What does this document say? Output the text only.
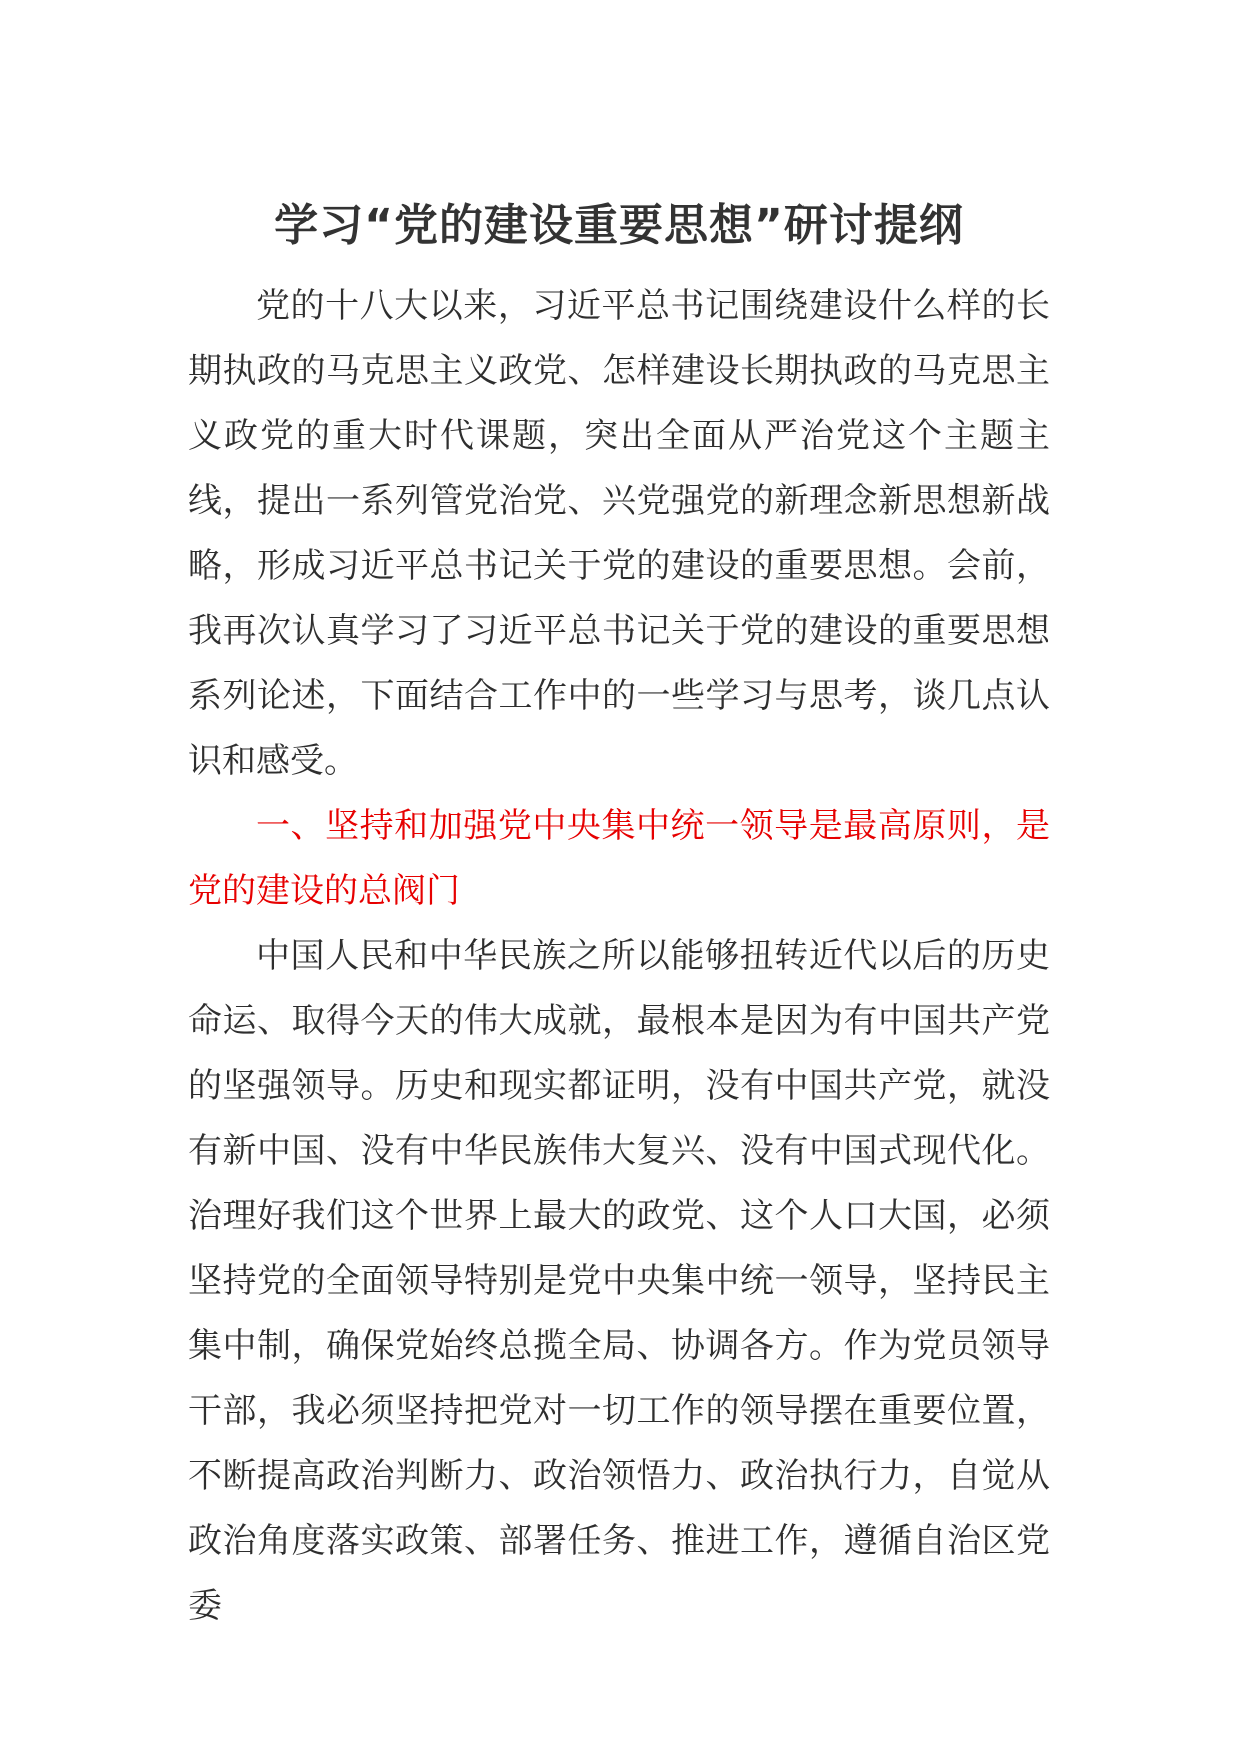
学习“党的建设重要思想”研讨提纲

党的十八大以来，习近平总书记围绕建设什么样的长期执政的马克思主义政党、怎样建设长期执政的马克思主义政党的重大时代课题，突出全面从严治党这个主题主线，提出一系列管党治党、兴党强党的新理念新思想新战略，形成习近平总书记关于党的建设的重要思想。会前，我再次认真学习了习近平总书记关于党的建设的重要思想系列论述，下面结合工作中的一些学习与思考，谈几点认识和感受。

一、坚持和加强党中央集中统一领导是最高原则，是党的建设的总阀门

中国人民和中华民族之所以能够扭转近代以后的历史命运、取得今天的伟大成就，最根本是因为有中国共产党的坚强领导。历史和现实都证明，没有中国共产党，就没有新中国、没有中华民族伟大复兴、没有中国式现代化。治理好我们这个世界上最大的政党、这个人口大国，必须坚持党的全面领导特别是党中央集中统一领导，坚持民主集中制，确保党始终总揽全局、协调各方。作为党员领导干部，我必须坚持把党对一切工作的领导摆在重要位置，不断提高政治判断力、政治领悟力、政治执行力，自觉从政治角度落实政策、部署任务、推进工作，遵循自治区党委
